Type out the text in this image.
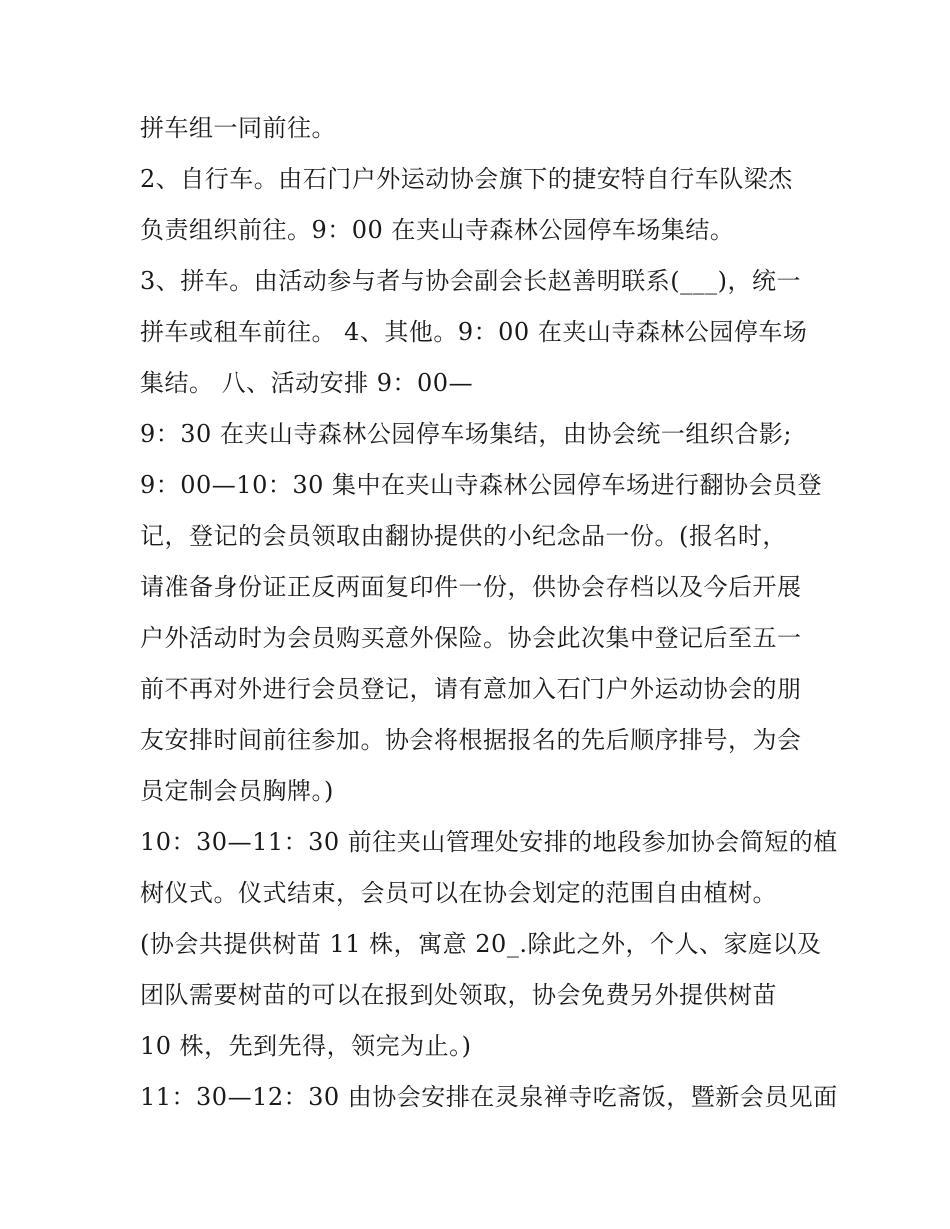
拼车组一同前往。
2、自行车。由石门户外运动协会旗下的捷安特自行车队梁杰
负责组织前往。9：00 在夹山寺森林公园停车场集结。
3、拼车。由活动参与者与协会副会长赵善明联系(___)，统一
拼车或租车前往。 4、其他。9：00 在夹山寺森林公园停车场
集结。 八、活动安排 9：00—
9：30 在夹山寺森林公园停车场集结，由协会统一组织合影;
9：00—10：30 集中在夹山寺森林公园停车场进行翻协会员登
记，登记的会员领取由翻协提供的小纪念品一份。(报名时，
请准备身份证正反两面复印件一份，供协会存档以及今后开展
户外活动时为会员购买意外保险。协会此次集中登记后至五一
前不再对外进行会员登记，请有意加入石门户外运动协会的朋
友安排时间前往参加。协会将根据报名的先后顺序排号，为会
员定制会员胸牌。)
10：30—11：30 前往夹山管理处安排的地段参加协会简短的植
树仪式。仪式结束，会员可以在协会划定的范围自由植树。
(协会共提供树苗 11 株，寓意 20_.除此之外，个人、家庭以及
团队需要树苗的可以在报到处领取，协会免费另外提供树苗
10 株，先到先得，领完为止。)
11：30—12：30 由协会安排在灵泉禅寺吃斋饭，暨新会员见面
